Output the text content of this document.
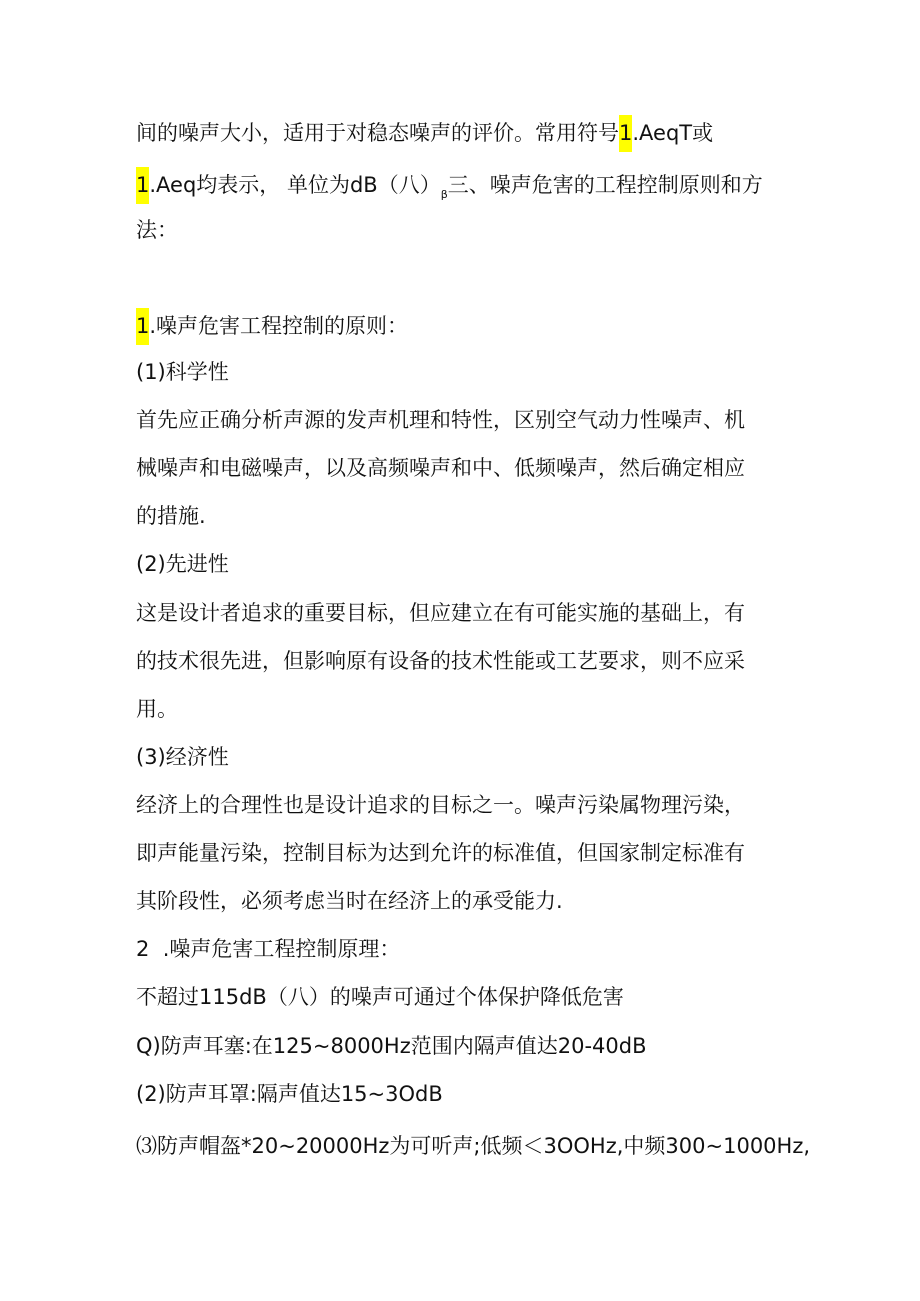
间的噪声大小，适用于对稳态噪声的评价。常用符号1.AeqT或
1.Aeq均表示， 单位为dB（八）$_\beta$三、噪声危害的工程控制原则和方
法：
1.噪声危害工程控制的原则：
(1)科学性
首先应正确分析声源的发声机理和特性，区别空气动力性噪声、机
械噪声和电磁噪声，以及高频噪声和中、低频噪声，然后确定相应
的措施.
(2)先进性
这是设计者追求的重要目标，但应建立在有可能实施的基础上，有
的技术很先进，但影响原有设备的技术性能或工艺要求，则不应采
用。
(3)经济性
经济上的合理性也是设计追求的目标之一。噪声污染属物理污染，
即声能量污染，控制目标为达到允许的标准值，但国家制定标准有
其阶段性，必须考虑当时在经济上的承受能力.
2  .噪声危害工程控制原理：
不超过115dB（八）的噪声可通过个体保护降低危害
Q)防声耳塞:在125~8000Hz范围内隔声值达20-40dB
(2)防声耳罩:隔声值达15~3OdB
⑶防声帽盔*20~20000Hz为可听声;低频＜3OOHz,中频300~1000Hz,
